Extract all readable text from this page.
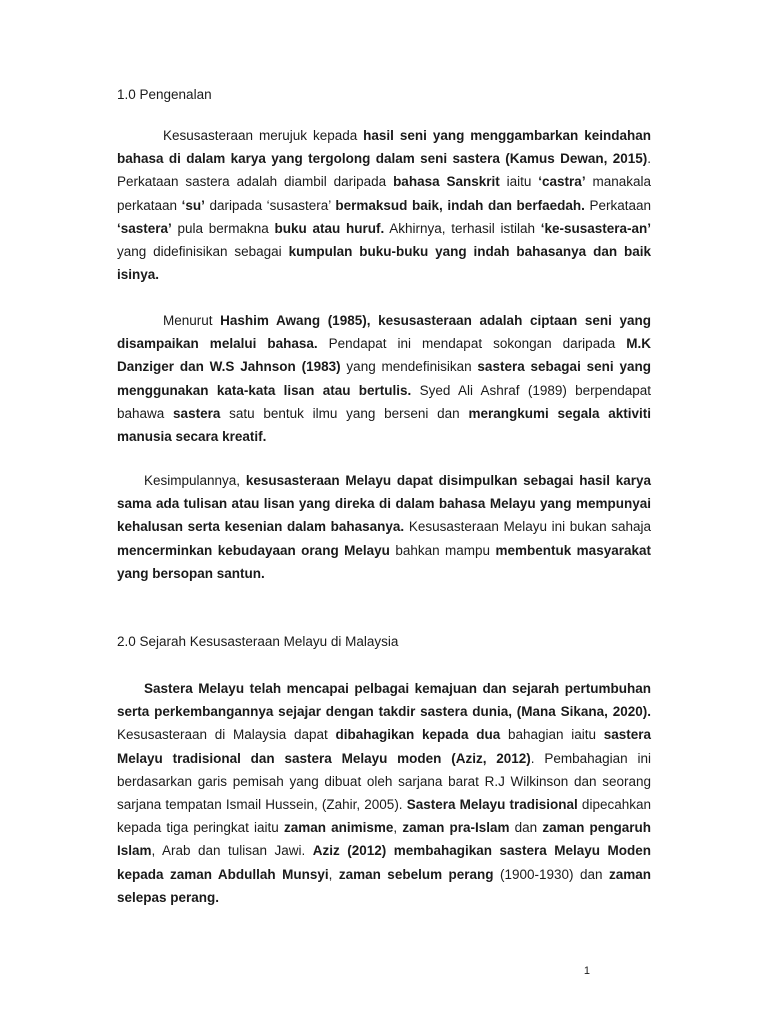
1.0 Pengenalan

Kesusasteraan merujuk kepada hasil seni yang menggambarkan keindahan bahasa di dalam karya yang tergolong dalam seni sastera (Kamus Dewan, 2015). Perkataan sastera adalah diambil daripada bahasa Sanskrit iaitu ‘castra’ manakala perkataan ‘su’ daripada ‘susastera’ bermaksud baik, indah dan berfaedah. Perkataan ‘sastera’ pula bermakna buku atau huruf. Akhirnya, terhasil istilah ‘ke-susastera-an’ yang didefinisikan sebagai kumpulan buku-buku yang indah bahasanya dan baik isinya.

Menurut Hashim Awang (1985), kesusasteraan adalah ciptaan seni yang disampaikan melalui bahasa. Pendapat ini mendapat sokongan daripada M.K Danziger dan W.S Jahnson (1983) yang mendefinisikan sastera sebagai seni yang menggunakan kata-kata lisan atau bertulis. Syed Ali Ashraf (1989) berpendapat bahawa sastera satu bentuk ilmu yang berseni dan merangkumi segala aktiviti manusia secara kreatif.

Kesimpulannya, kesusasteraan Melayu dapat disimpulkan sebagai hasil karya sama ada tulisan atau lisan yang direka di dalam bahasa Melayu yang mempunyai kehalusan serta kesenian dalam bahasanya. Kesusasteraan Melayu ini bukan sahaja mencerminkan kebudayaan orang Melayu bahkan mampu membentuk masyarakat yang bersopan santun.

2.0 Sejarah Kesusasteraan Melayu di Malaysia

Sastera Melayu telah mencapai pelbagai kemajuan dan sejarah pertumbuhan serta perkembangannya sejajar dengan takdir sastera dunia, (Mana Sikana, 2020). Kesusasteraan di Malaysia dapat dibahagikan kepada dua bahagian iaitu sastera Melayu tradisional dan sastera Melayu moden (Aziz, 2012). Pembahagian ini berdasarkan garis pemisah yang dibuat oleh sarjana barat R.J Wilkinson dan seorang sarjana tempatan Ismail Hussein, (Zahir, 2005). Sastera Melayu tradisional dipecahkan kepada tiga peringkat iaitu zaman animisme, zaman pra-Islam dan zaman pengaruh Islam, Arab dan tulisan Jawi. Aziz (2012) membahagikan sastera Melayu Moden kepada zaman Abdullah Munsyi, zaman sebelum perang (1900-1930) dan zaman selepas perang.

1
